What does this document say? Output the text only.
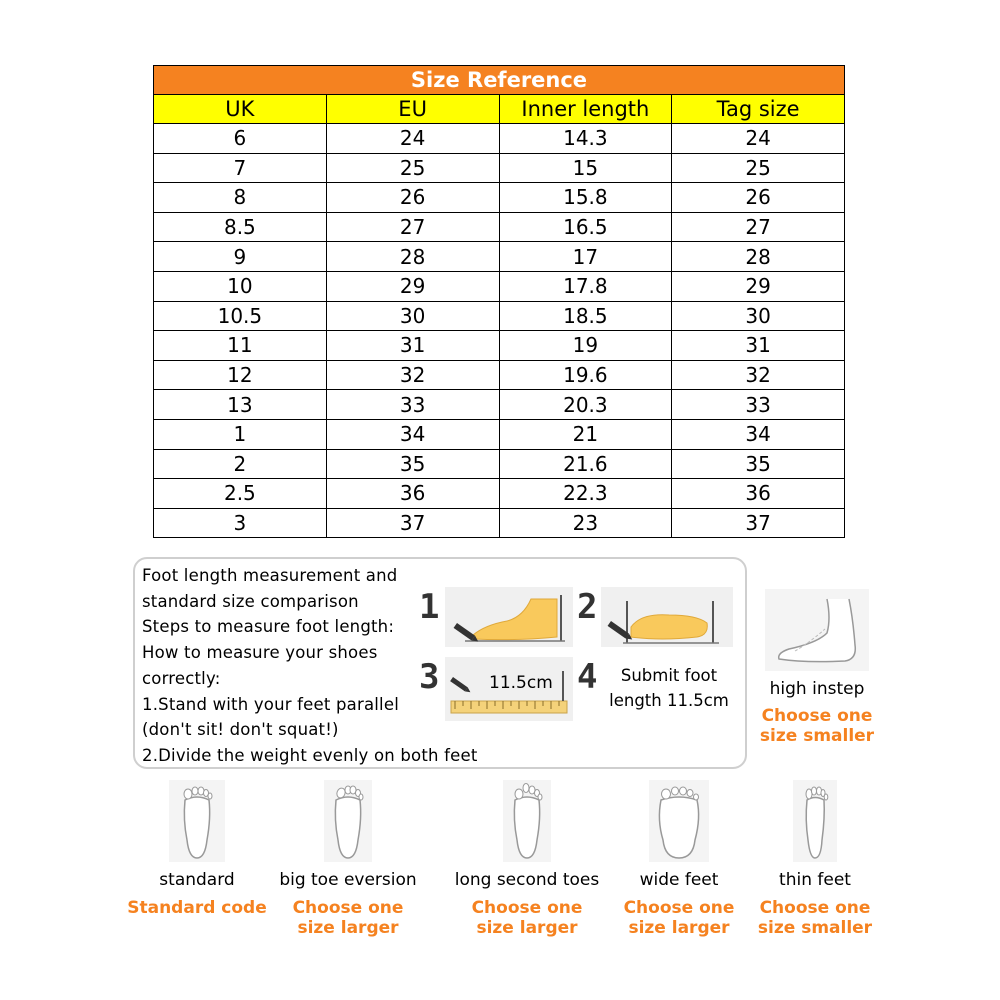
Size Reference			
UK	EU	Inner length	Tag size
6	24	14.3	24
7	25	15	25
8	26	15.8	26
8.5	27	16.5	27
9	28	17	28
10	29	17.8	29
10.5	30	18.5	30
11	31	19	31
12	32	19.6	32
13	33	20.3	33
1	34	21	34
2	35	21.6	35
2.5	36	22.3	36
3	37	23	37
Foot length measurement and
standard size comparison
Steps to measure foot length:
How to measure your shoes
correctly:
1.Stand with your feet parallel
(don't sit! don't squat!)
2.Divide the weight evenly on both feet
1	2
3	11.5cm 4	Submit foot
length 11.5cm
high instep
Choose one
size smaller
standard
Standard code
big toe eversion
Choose one
size larger
long second toes
Choose one
size larger
wide feet
Choose one
size larger
thin feet
Choose one
size smaller
